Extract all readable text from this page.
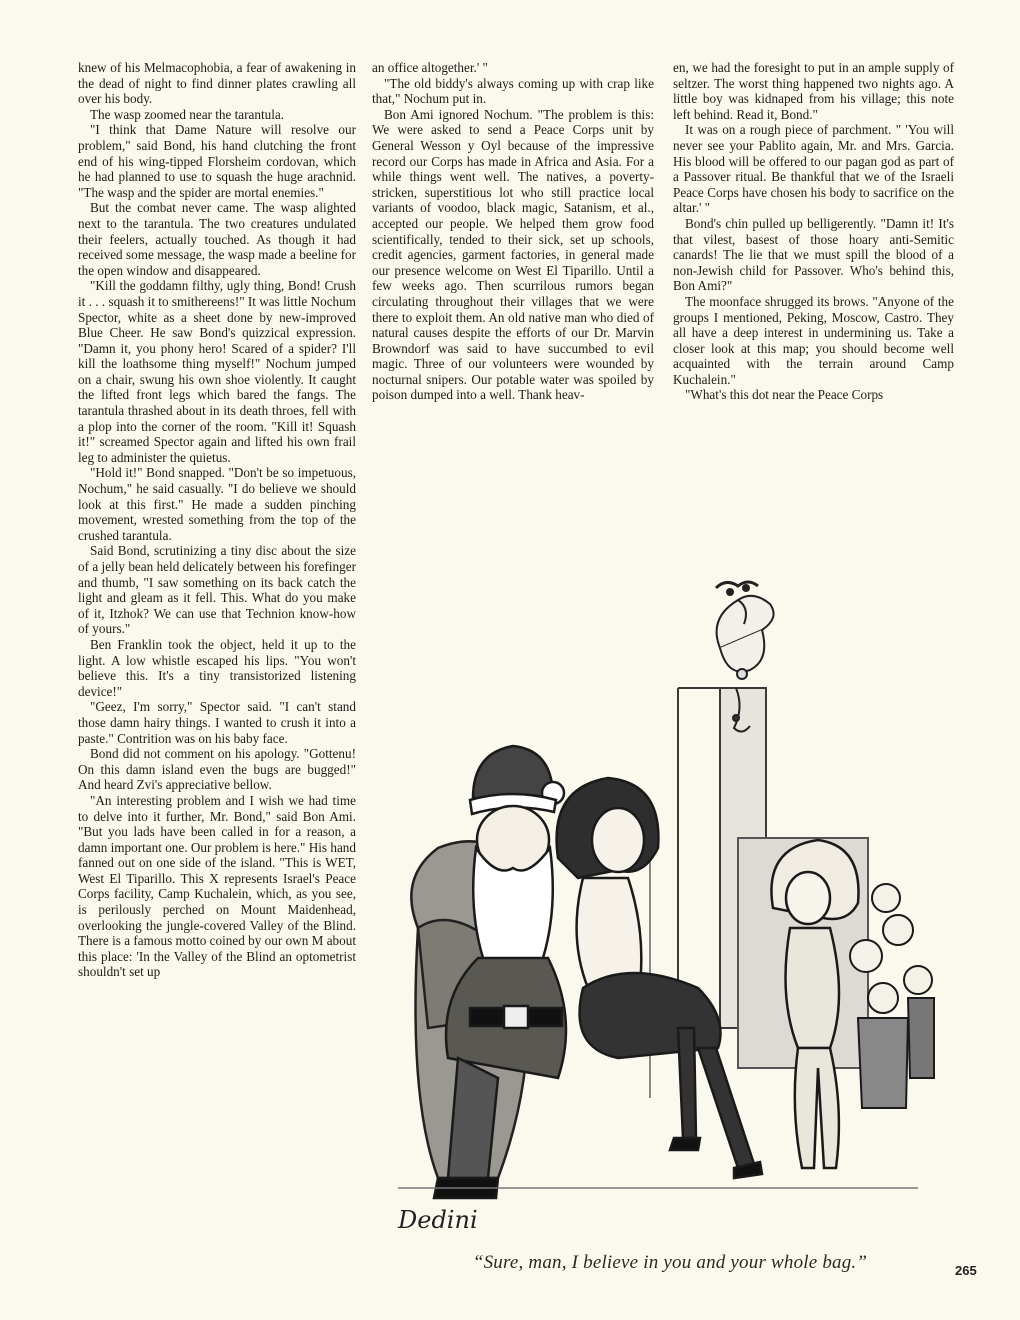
knew of his Melmacophobia, a fear of awakening in the dead of night to find dinner plates crawling all over his body.

The wasp zoomed near the tarantula.

"I think that Dame Nature will resolve our problem," said Bond, his hand clutching the front end of his wing-tipped Florsheim cordovan, which he had planned to use to squash the huge arachnid. "The wasp and the spider are mortal enemies."

But the combat never came. The wasp alighted next to the tarantula. The two creatures undulated their feelers, actually touched. As though it had received some message, the wasp made a beeline for the open window and disappeared.

"Kill the goddamn filthy, ugly thing, Bond! Crush it . . . squash it to smithereens!" It was little Nochum Spector, white as a sheet done by new-improved Blue Cheer. He saw Bond's quizzical expression. "Damn it, you phony hero! Scared of a spider? I'll kill the loathsome thing myself!" Nochum jumped on a chair, swung his own shoe violently. It caught the lifted front legs which bared the fangs. The tarantula thrashed about in its death throes, fell with a plop into the corner of the room. "Kill it! Squash it!" screamed Spector again and lifted his own frail leg to administer the quietus.

"Hold it!" Bond snapped. "Don't be so impetuous, Nochum," he said casually. "I do believe we should look at this first." He made a sudden pinching movement, wrested something from the top of the crushed tarantula.

Said Bond, scrutinizing a tiny disc about the size of a jelly bean held delicately between his forefinger and thumb, "I saw something on its back catch the light and gleam as it fell. This. What do you make of it, Itzhok? We can use that Technion know-how of yours."

Ben Franklin took the object, held it up to the light. A low whistle escaped his lips. "You won't believe this. It's a tiny transistorized listening device!"

"Geez, I'm sorry," Spector said. "I can't stand those damn hairy things. I wanted to crush it into a paste." Contrition was on his baby face.

Bond did not comment on his apology. "Gottenu! On this damn island even the bugs are bugged!" And heard Zvi's appreciative bellow.

"An interesting problem and I wish we had time to delve into it further, Mr. Bond," said Bon Ami. "But you lads have been called in for a reason, a damn important one. Our problem is here." His hand fanned out on one side of the island. "This is WET, West El Tiparillo. This X represents Israel's Peace Corps facility, Camp Kuchalein, which, as you see, is perilously perched on Mount Maidenhead, overlooking the jungle-covered Valley of the Blind. There is a famous motto coined by our own M about this place: 'In the Valley of the Blind an optometrist shouldn't set up

an office altogether.' "

"The old biddy's always coming up with crap like that," Nochum put in.

Bon Ami ignored Nochum. "The problem is this: We were asked to send a Peace Corps unit by General Wesson y Oyl because of the impressive record our Corps has made in Africa and Asia. For a while things went well. The natives, a poverty-stricken, superstitious lot who still practice local variants of voodoo, black magic, Satanism, et al., accepted our people. We helped them grow food scientifically, tended to their sick, set up schools, credit agencies, garment factories, in general made our presence welcome on West El Tiparillo. Until a few weeks ago. Then scurrilous rumors began circulating throughout their villages that we were there to exploit them. An old native man who died of natural causes despite the efforts of our Dr. Marvin Browndorf was said to have succumbed to evil magic. Three of our volunteers were wounded by nocturnal snipers. Our potable water was spoiled by poison dumped into a well. Thank heav-

en, we had the foresight to put in an ample supply of seltzer. The worst thing happened two nights ago. A little boy was kidnaped from his village; this note left behind. Read it, Bond."

It was on a rough piece of parchment. " 'You will never see your Pablito again, Mr. and Mrs. Garcia. His blood will be offered to our pagan god as part of a Passover ritual. Be thankful that we of the Israeli Peace Corps have chosen his body to sacrifice on the altar.' "

Bond's chin pulled up belligerently. "Damn it! It's that vilest, basest of those hoary anti-Semitic canards! The lie that we must spill the blood of a non-Jewish child for Passover. Who's behind this, Bon Ami?"

The moonface shrugged its brows. "Anyone of the groups I mentioned, Peking, Moscow, Castro. They all have a deep interest in undermining us. Take a closer look at this map; you should become well acquainted with the terrain around Camp Kuchalein."

"What's this dot near the Peace Corps

Dedini
“Sure, man, I believe in you and your whole bag.”	265
